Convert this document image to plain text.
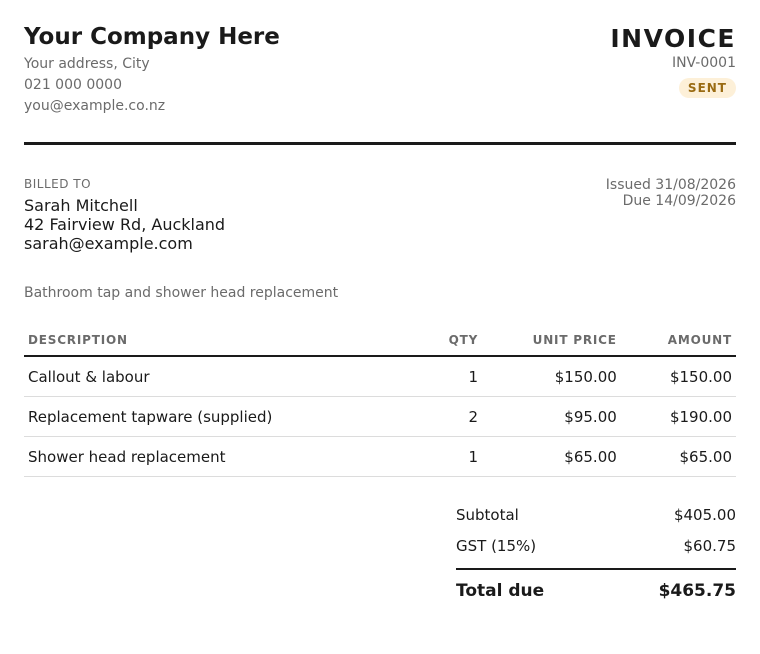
Your Company Here
Your address, City
021 000 0000
you@example.co.nz
INVOICE
INV-0001
SENT
BILLED TO
Sarah Mitchell
42 Fairview Rd, Auckland
sarah@example.com
Issued 31/08/2026
Due 14/09/2026
Bathroom tap and shower head replacement
DESCRIPTION	QTY	UNIT PRICE	AMOUNT
Callout & labour	1	$150.00	$150.00
Replacement tapware (supplied)	2	$95.00	$190.00
Shower head replacement	1	$65.00	$65.00
Subtotal	$405.00
GST (15%)	$60.75
Total due	$465.75
